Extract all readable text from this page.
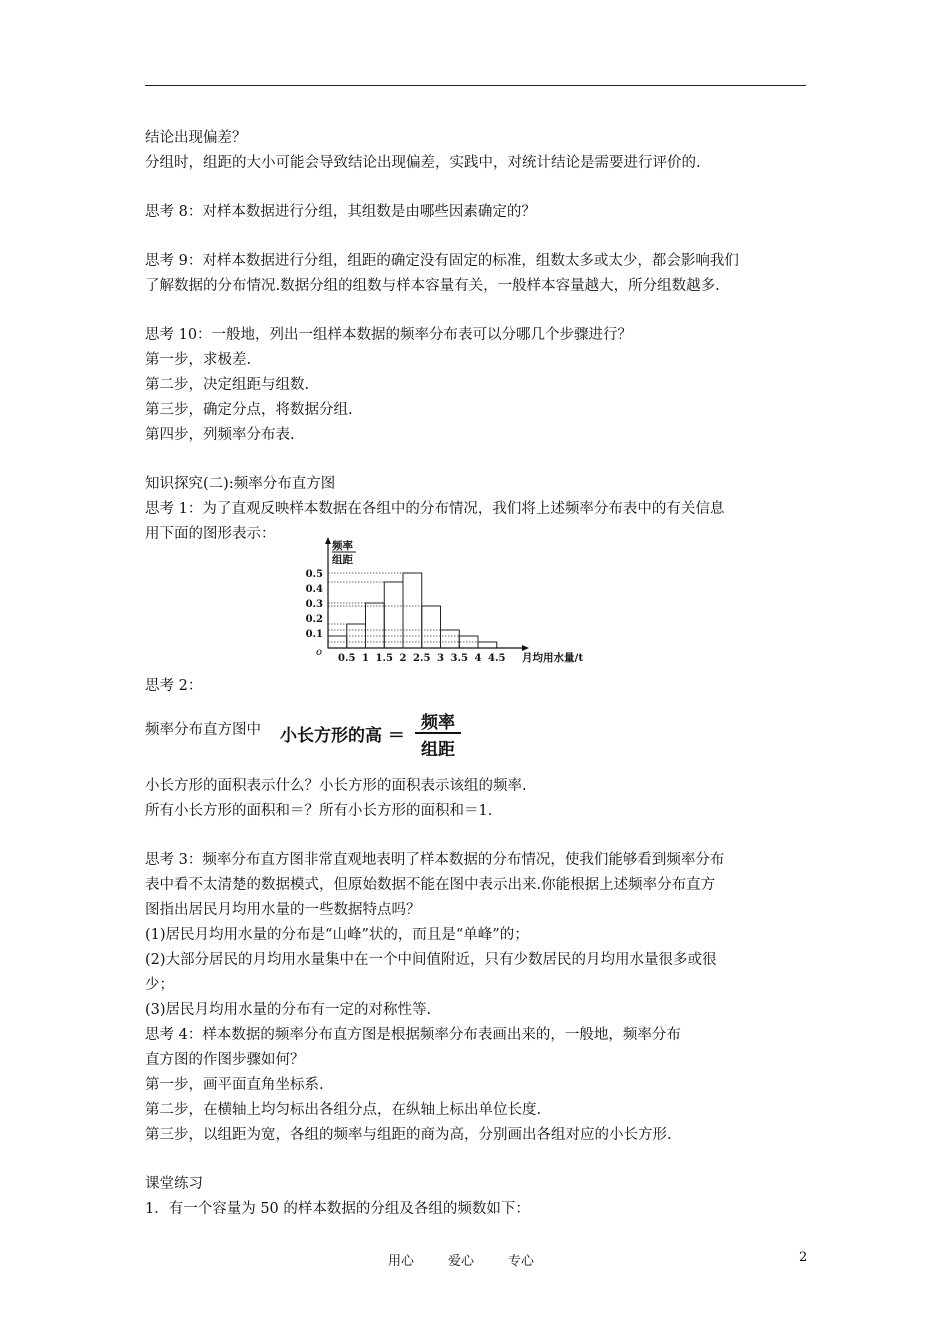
结论出现偏差？
分组时，组距的大小可能会导致结论出现偏差，实践中，对统计结论是需要进行评价的.
思考 8：对样本数据进行分组，其组数是由哪些因素确定的？
思考 9：对样本数据进行分组，组距的确定没有固定的标准，组数太多或太少，都会影响我们
了解数据的分布情况.数据分组的组数与样本容量有关，一般样本容量越大，所分组数越多.
思考 10：一般地，列出一组样本数据的频率分布表可以分哪几个步骤进行？
第一步，求极差.
第二步，决定组距与组数.
第三步，确定分点，将数据分组.
第四步，列频率分布表.
知识探究(二):频率分布直方图
思考 1：为了直观反映样本数据在各组中的分布情况，我们将上述频率分布表中的有关信息
用下面的图形表示：
0.1
0.2
0.3
0.4
0.5
0.5 1 1.5 2 2.5 3 3.5 4 4.5
o
频率
组距
月均用水量/t
思考 2：
频率分布直方图中 小长方形的高 ＝
频率
组距
小长方形的面积表示什么？小长方形的面积表示该组的频率.
所有小长方形的面积和＝？所有小长方形的面积和＝1.
思考 3：频率分布直方图非常直观地表明了样本数据的分布情况，使我们能够看到频率分布
表中看不太清楚的数据模式，但原始数据不能在图中表示出来.你能根据上述频率分布直方
图指出居民月均用水量的一些数据特点吗？
(1)居民月均用水量的分布是“山峰”状的，而且是“单峰”的；
(2)大部分居民的月均用水量集中在一个中间值附近，只有少数居民的月均用水量很多或很
少；
(3)居民月均用水量的分布有一定的对称性等.
思考 4：样本数据的频率分布直方图是根据频率分布表画出来的，一般地，频率分布
直方图的作图步骤如何？
第一步，画平面直角坐标系.
第二步，在横轴上均匀标出各组分点，在纵轴上标出单位长度.
第三步，以组距为宽，各组的频率与组距的商为高，分别画出各组对应的小长方形.
课堂练习
1．有一个容量为 50 的样本数据的分组及各组的频数如下：
用心	爱心	专心	2
